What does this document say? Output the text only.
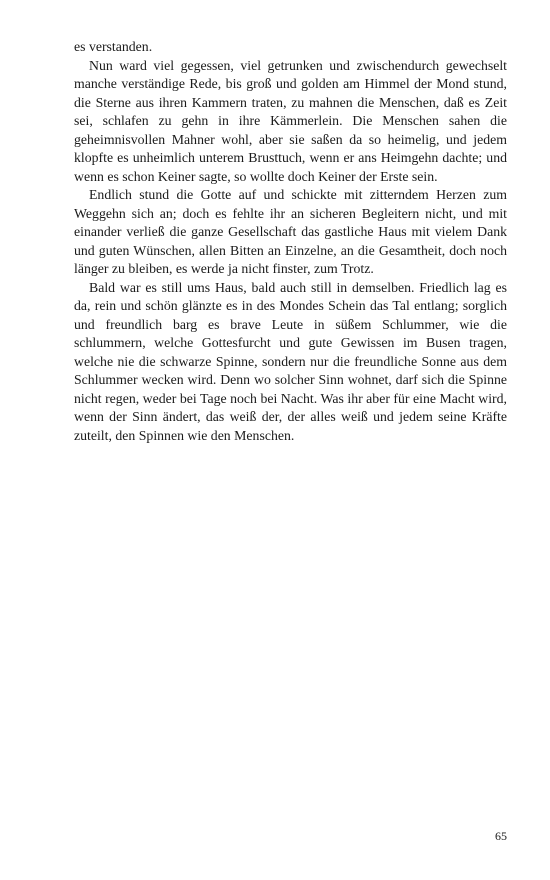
es verstanden.

Nun ward viel gegessen, viel getrunken und zwischendurch gewechselt manche verständige Rede, bis groß und golden am Himmel der Mond stund, die Sterne aus ihren Kammern traten, zu mahnen die Menschen, daß es Zeit sei, schlafen zu gehn in ihre Kämmerlein. Die Menschen sahen die geheimnisvollen Mahner wohl, aber sie saßen da so heimelig, und jedem klopfte es unheimlich unterem Brusttuch, wenn er ans Heimgehn dachte; und wenn es schon Keiner sagte, so wollte doch Keiner der Erste sein.

Endlich stund die Gotte auf und schickte mit zitterndem Herzen zum Weggehn sich an; doch es fehlte ihr an sicheren Begleitern nicht, und mit einander verließ die ganze Gesellschaft das gastliche Haus mit vielem Dank und guten Wünschen, allen Bitten an Einzelne, an die Gesamtheit, doch noch länger zu bleiben, es werde ja nicht finster, zum Trotz.

Bald war es still ums Haus, bald auch still in demselben. Friedlich lag es da, rein und schön glänzte es in des Mondes Schein das Tal entlang; sorglich und freundlich barg es brave Leute in süßem Schlummer, wie die schlummern, welche Gottesfurcht und gute Gewissen im Busen tragen, welche nie die schwarze Spinne, sondern nur die freundliche Sonne aus dem Schlummer wecken wird. Denn wo solcher Sinn wohnet, darf sich die Spinne nicht regen, weder bei Tage noch bei Nacht. Was ihr aber für eine Macht wird, wenn der Sinn ändert, das weiß der, der alles weiß und jedem seine Kräfte zuteilt, den Spinnen wie den Menschen.

65
